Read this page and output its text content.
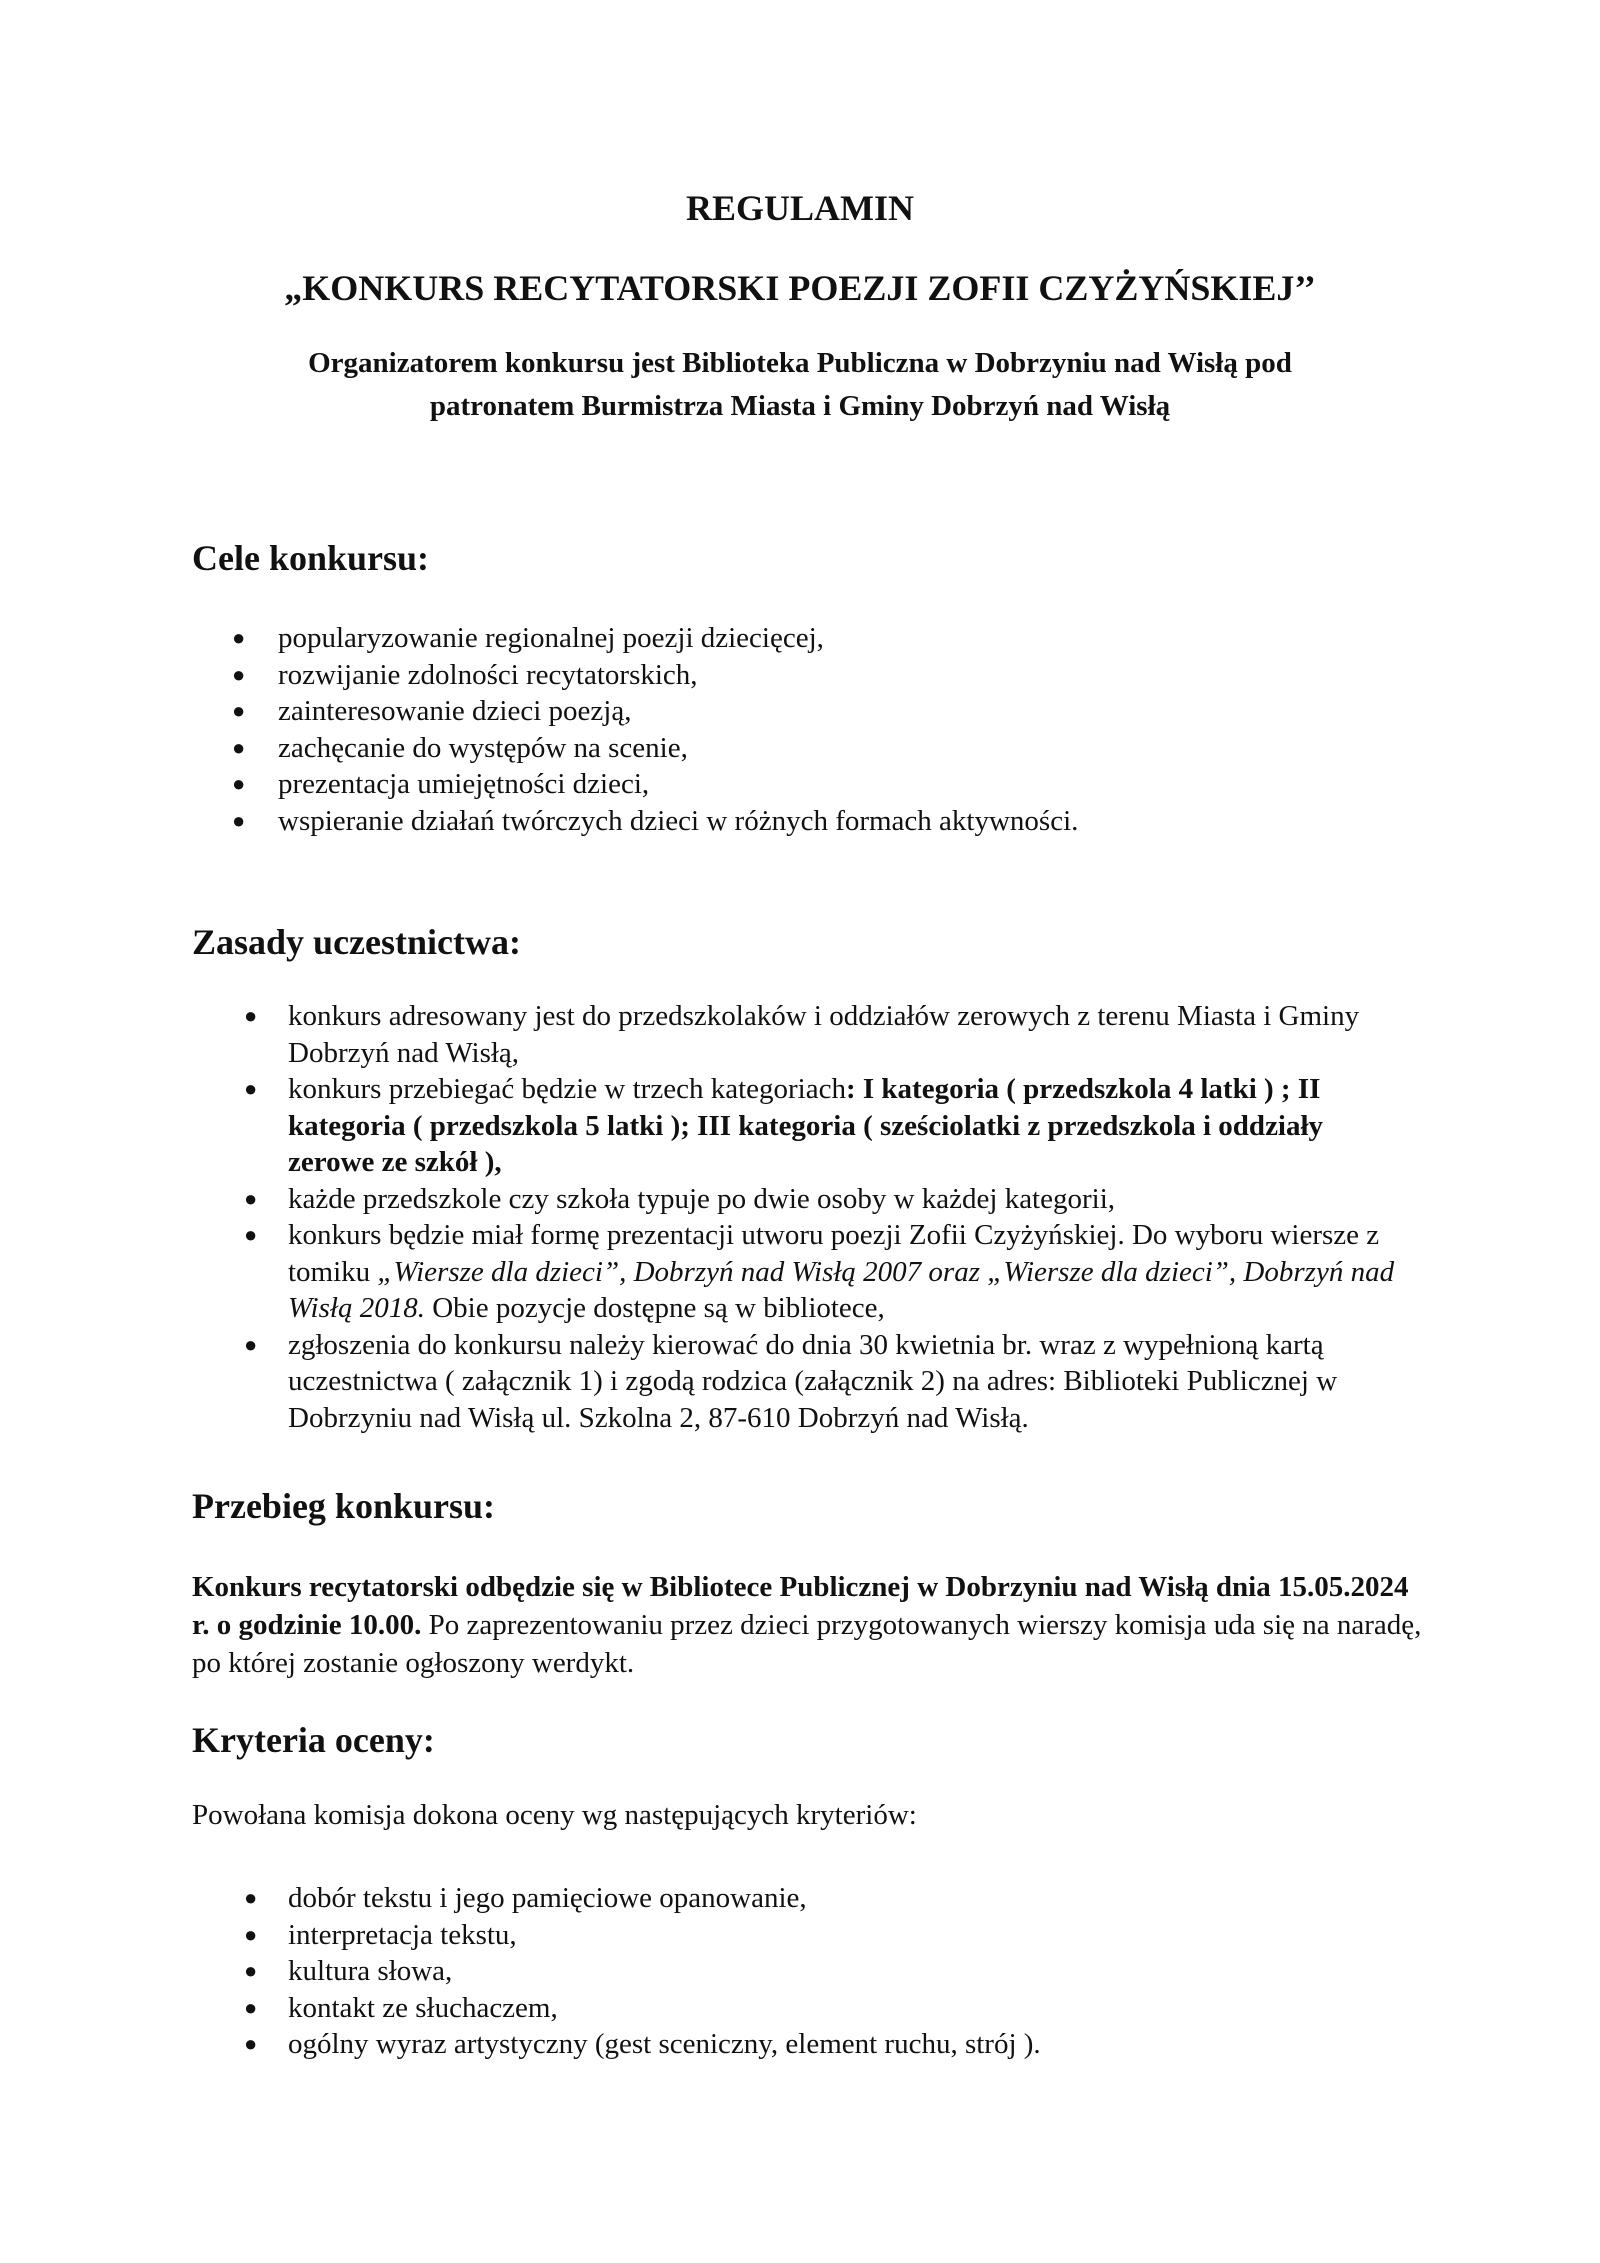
REGULAMIN
„KONKURS RECYTATORSKI POEZJI ZOFII CZYŻYŃSKIEJ’’

Organizatorem konkursu jest Biblioteka Publiczna w Dobrzyniu nad Wisłą pod
patronatem Burmistrza Miasta i Gminy Dobrzyń nad Wisłą

Cele konkursu:
● popularyzowanie regionalnej poezji dziecięcej,
● rozwijanie zdolności recytatorskich,
● zainteresowanie dzieci poezją,
● zachęcanie do występów na scenie,
● prezentacja umiejętności dzieci,
● wspieranie działań twórczych dzieci w różnych formach aktywności.
Zasady uczestnictwa:
● konkurs adresowany jest do przedszkolaków i oddziałów zerowych z terenu Miasta i Gminy Dobrzyń nad Wisłą,
● konkurs przebiegać będzie w trzech kategoriach: I kategoria ( przedszkola 4 latki ) ; II kategoria ( przedszkola 5 latki ); III kategoria ( sześciolatki z przedszkola i oddziały zerowe ze szkół ),
● każde przedszkole czy szkoła typuje po dwie osoby w każdej kategorii,
● konkurs będzie miał formę prezentacji utworu poezji Zofii Czyżyńskiej. Do wyboru wiersze z tomiku „Wiersze dla dzieci”, Dobrzyń nad Wisłą 2007 oraz „Wiersze dla dzieci”, Dobrzyń nad Wisłą 2018. Obie pozycje dostępne są w bibliotece,
● zgłoszenia do konkursu należy kierować do dnia 30 kwietnia br. wraz z wypełnioną kartą uczestnictwa ( załącznik 1) i zgodą rodzica (załącznik 2) na adres: Biblioteki Publicznej w Dobrzyniu nad Wisłą ul. Szkolna 2, 87-610 Dobrzyń nad Wisłą.
Przebieg konkursu:

Konkurs recytatorski odbędzie się w Bibliotece Publicznej w Dobrzyniu nad Wisłą dnia 15.05.2024 r. o godzinie 10.00. Po zaprezentowaniu przez dzieci przygotowanych wierszy komisja uda się na naradę, po której zostanie ogłoszony werdykt.

Kryteria oceny:

Powołana komisja dokona oceny wg następujących kryteriów:

● dobór tekstu i jego pamięciowe opanowanie,
● interpretacja tekstu,
● kultura słowa,
● kontakt ze słuchaczem,
● ogólny wyraz artystyczny (gest sceniczny, element ruchu, strój ).
